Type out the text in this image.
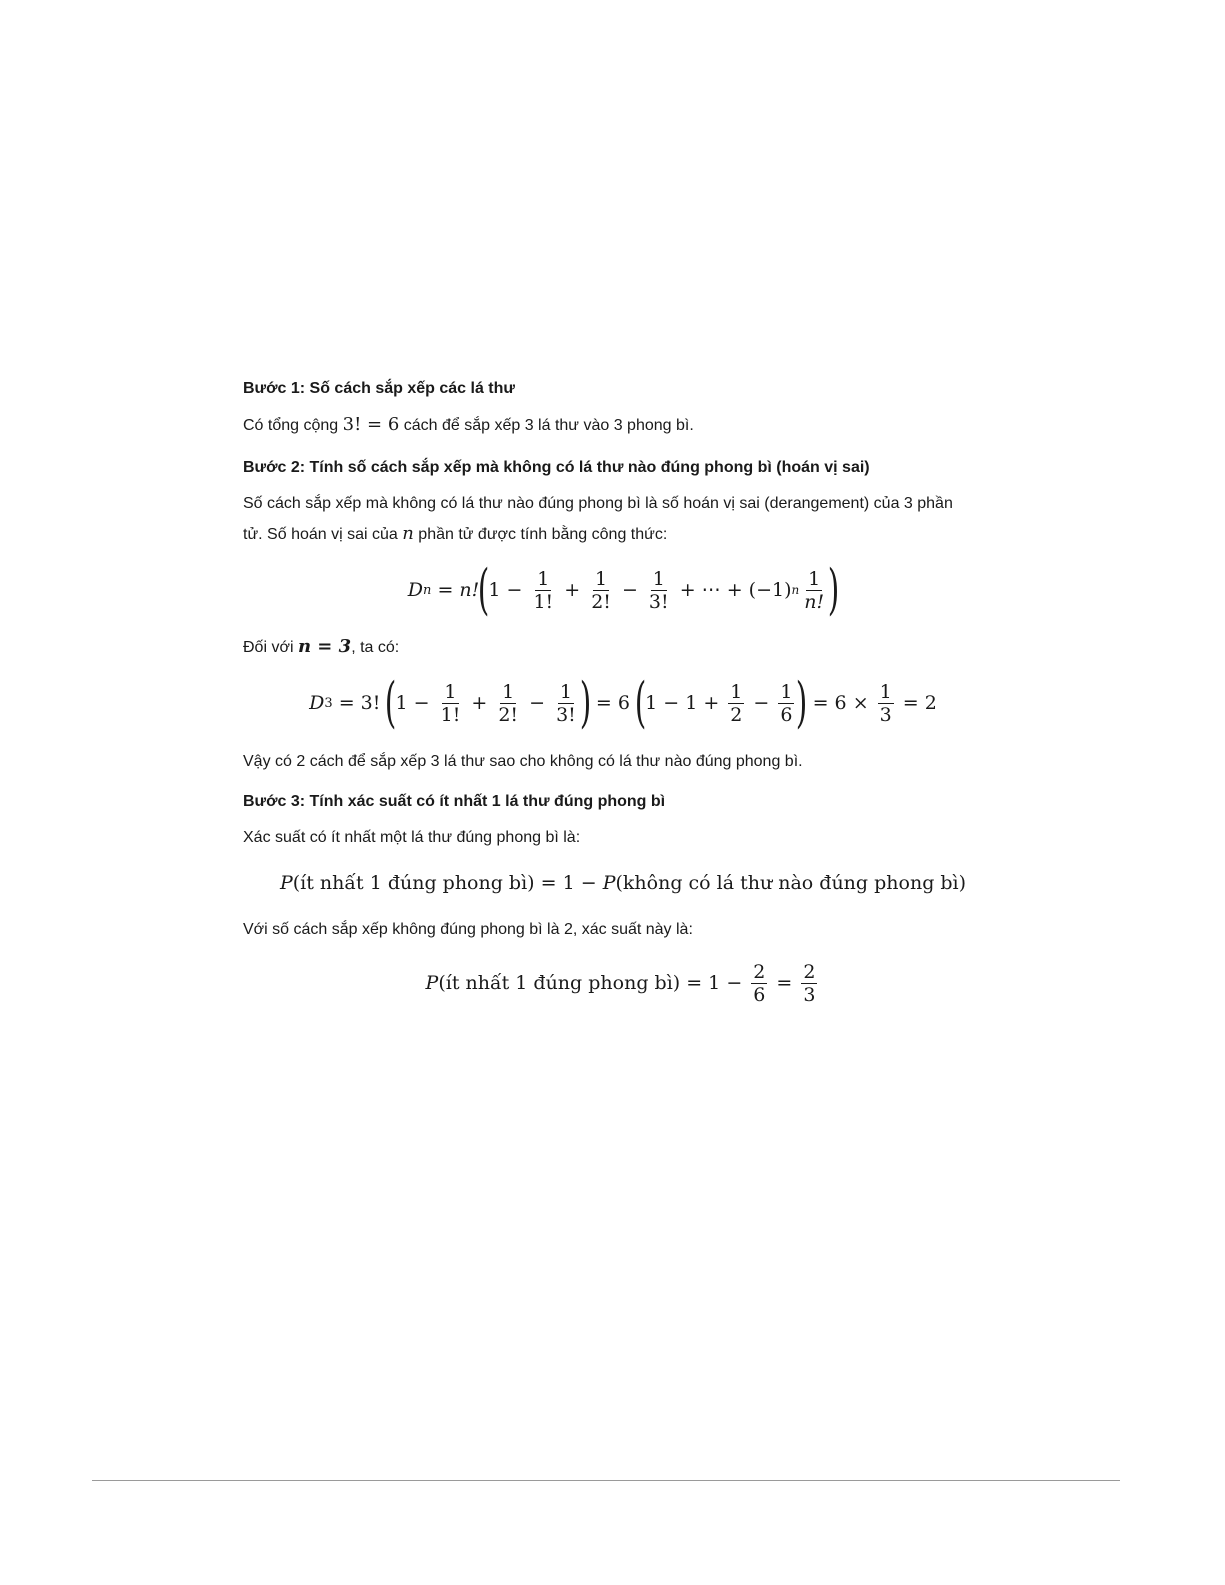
Bước 1: Số cách sắp xếp các lá thư

Có tổng cộng 3! = 6 cách để sắp xếp 3 lá thư vào 3 phong bì.

Bước 2: Tính số cách sắp xếp mà không có lá thư nào đúng phong bì (hoán vị sai)

Số cách sắp xếp mà không có lá thư nào đúng phong bì là số hoán vị sai (derangement) của 3 phần

tử. Số hoán vị sai của n phần tử được tính bằng công thức:

D n = n!
(
$1 - \frac{1}{1!} + \frac{1}{2!} - \frac{1}{3!}$ + ⋯ + (−1) n $\frac{1}{n!}$ )

Đối với n = 3, ta có:

D 3 = 3!
(
$1 - \frac{1}{1!} + \frac{1}{2!} - \frac{1}{3!}$ )
= 6
(
$1 - 1 + \frac{1}{2} - \frac{1}{6}$ )
= $6 \times \frac{1}{3} = 2$

Vậy có 2 cách để sắp xếp 3 lá thư sao cho không có lá thư nào đúng phong bì.

Bước 3: Tính xác suất có ít nhất 1 lá thư đúng phong bì

Xác suất có ít nhất một lá thư đúng phong bì là:

P (ít nhất 1 đúng phong bì) = 1 − P (không có lá thư nào đúng phong bì)

Với số cách sắp xếp không đúng phong bì là 2, xác suất này là:

P (ít nhất 1 đúng phong bì) = $1 - \frac{2}{6} = \frac{2}{3}$
